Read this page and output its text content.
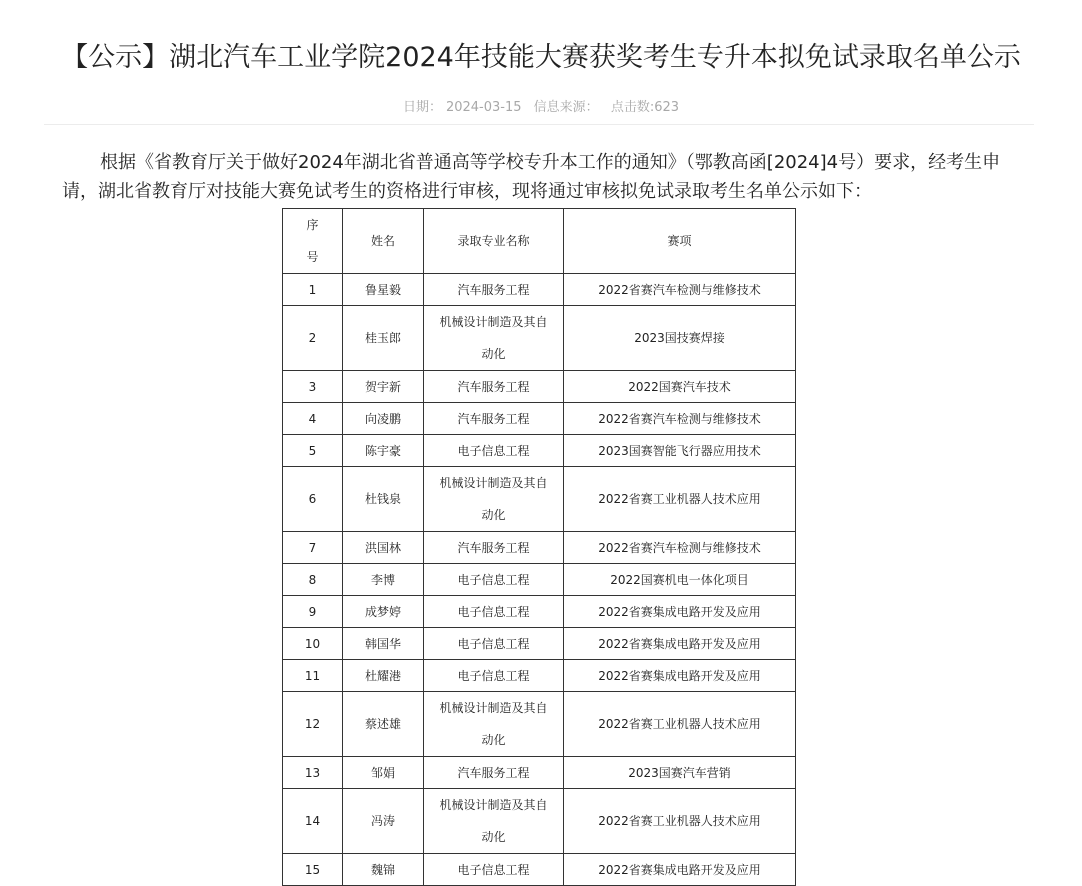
【公示】湖北汽车工业学院2024年技能大赛获奖考生专升本拟免试录取名单公示
日期： 2024-03-15 信息来源： 点击数:623

根据《省教育厅关于做好2024年湖北省普通高等学校专升本工作的通知》（鄂教高函[2024]4号）要求，经考生申请，湖北省教育厅对技能大赛免试考生的资格进行审核，现将通过审核拟免试录取考生名单公示如下：

序号	姓名	录取专业名称	赛项
1	鲁星毅	汽车服务工程	2022省赛汽车检测与维修技术
2	桂玉郎	机械设计制造及其自动化	2023国技赛焊接
3	贺宇新	汽车服务工程	2022国赛汽车技术
4	向凌鹏	汽车服务工程	2022省赛汽车检测与维修技术
5	陈宇豪	电子信息工程	2023国赛智能飞行器应用技术
6	杜钱泉	机械设计制造及其自动化	2022省赛工业机器人技术应用
7	洪国林	汽车服务工程	2022省赛汽车检测与维修技术
8	李博	电子信息工程	2022国赛机电一体化项目
9	成梦婷	电子信息工程	2022省赛集成电路开发及应用
10	韩国华	电子信息工程	2022省赛集成电路开发及应用
11	杜耀港	电子信息工程	2022省赛集成电路开发及应用
12	蔡述雄	机械设计制造及其自动化	2022省赛工业机器人技术应用
13	邹娟	汽车服务工程	2023国赛汽车营销
14	冯涛	机械设计制造及其自动化	2022省赛工业机器人技术应用
15	魏锦	电子信息工程	2022省赛集成电路开发及应用
